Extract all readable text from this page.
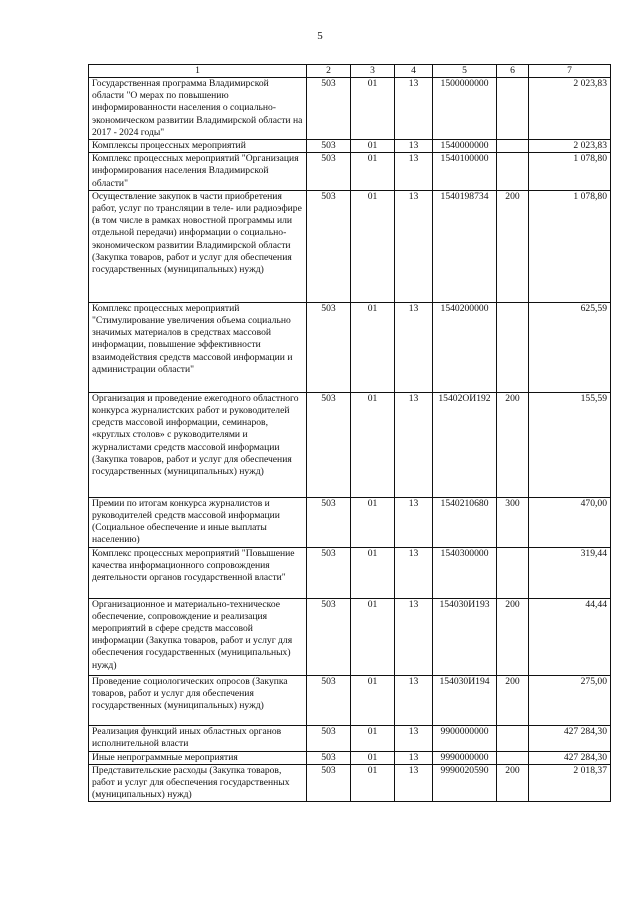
5
1	2	3	4	5	6	7
Государственная программа Владимирской области "О мерах по повышению информированности населения о социально-экономическом развитии Владимирской области на 2017 - 2024 годы"	503	01	13	1500000000		2 023,83
Комплексы процессных мероприятий	503	01	13	1540000000		2 023,83
Комплекс процессных мероприятий "Организация информирования населения Владимирской области"	503	01	13	1540100000		1 078,80
Осуществление закупок в части приобретения работ, услуг по трансляции в теле- или радиоэфире (в том числе в рамках новостной программы или отдельной передачи) информации о социально-экономическом развитии Владимирской области (Закупка товаров, работ и услуг для обеспечения государственных (муниципальных) нужд)	503	01	13	1540198734	200	1 078,80
Комплекс процессных мероприятий "Стимулирование увеличения объема социально значимых материалов в средствах массовой информации, повышение эффективности взаимодействия средств массовой информации и администрации области"	503	01	13	1540200000		625,59
Организация и проведение ежегодного областного конкурса журналистских работ и руководителей средств массовой информации, семинаров, «круглых столов» с руководителями и журналистами средств массовой информации (Закупка товаров, работ и услуг для обеспечения государственных (муниципальных) нужд)	503	01	13	15402ОИ192	200	155,59
Премии по итогам конкурса журналистов и руководителей средств массовой информации (Социальное обеспечение и иные выплаты населению)	503	01	13	1540210680	300	470,00
Комплекс процессных мероприятий "Повышение качества информационного сопровождения деятельности органов государственной власти"	503	01	13	1540300000		319,44
Организационное и материально-техническое обеспечение, сопровождение и реализация мероприятий в сфере средств массовой информации (Закупка товаров, работ и услуг для обеспечения государственных (муниципальных) нужд)	503	01	13	154030И193	200	44,44
Проведение социологических опросов (Закупка товаров, работ и услуг для обеспечения государственных (муниципальных) нужд)	503	01	13	154030И194	200	275,00
Реализация функций иных областных органов исполнительной власти	503	01	13	9900000000		427 284,30
Иные непрограммные мероприятия	503	01	13	9990000000		427 284,30
Представительские расходы (Закупка товаров, работ и услуг для обеспечения государственных (муниципальных) нужд)	503	01	13	9990020590	200	2 018,37
